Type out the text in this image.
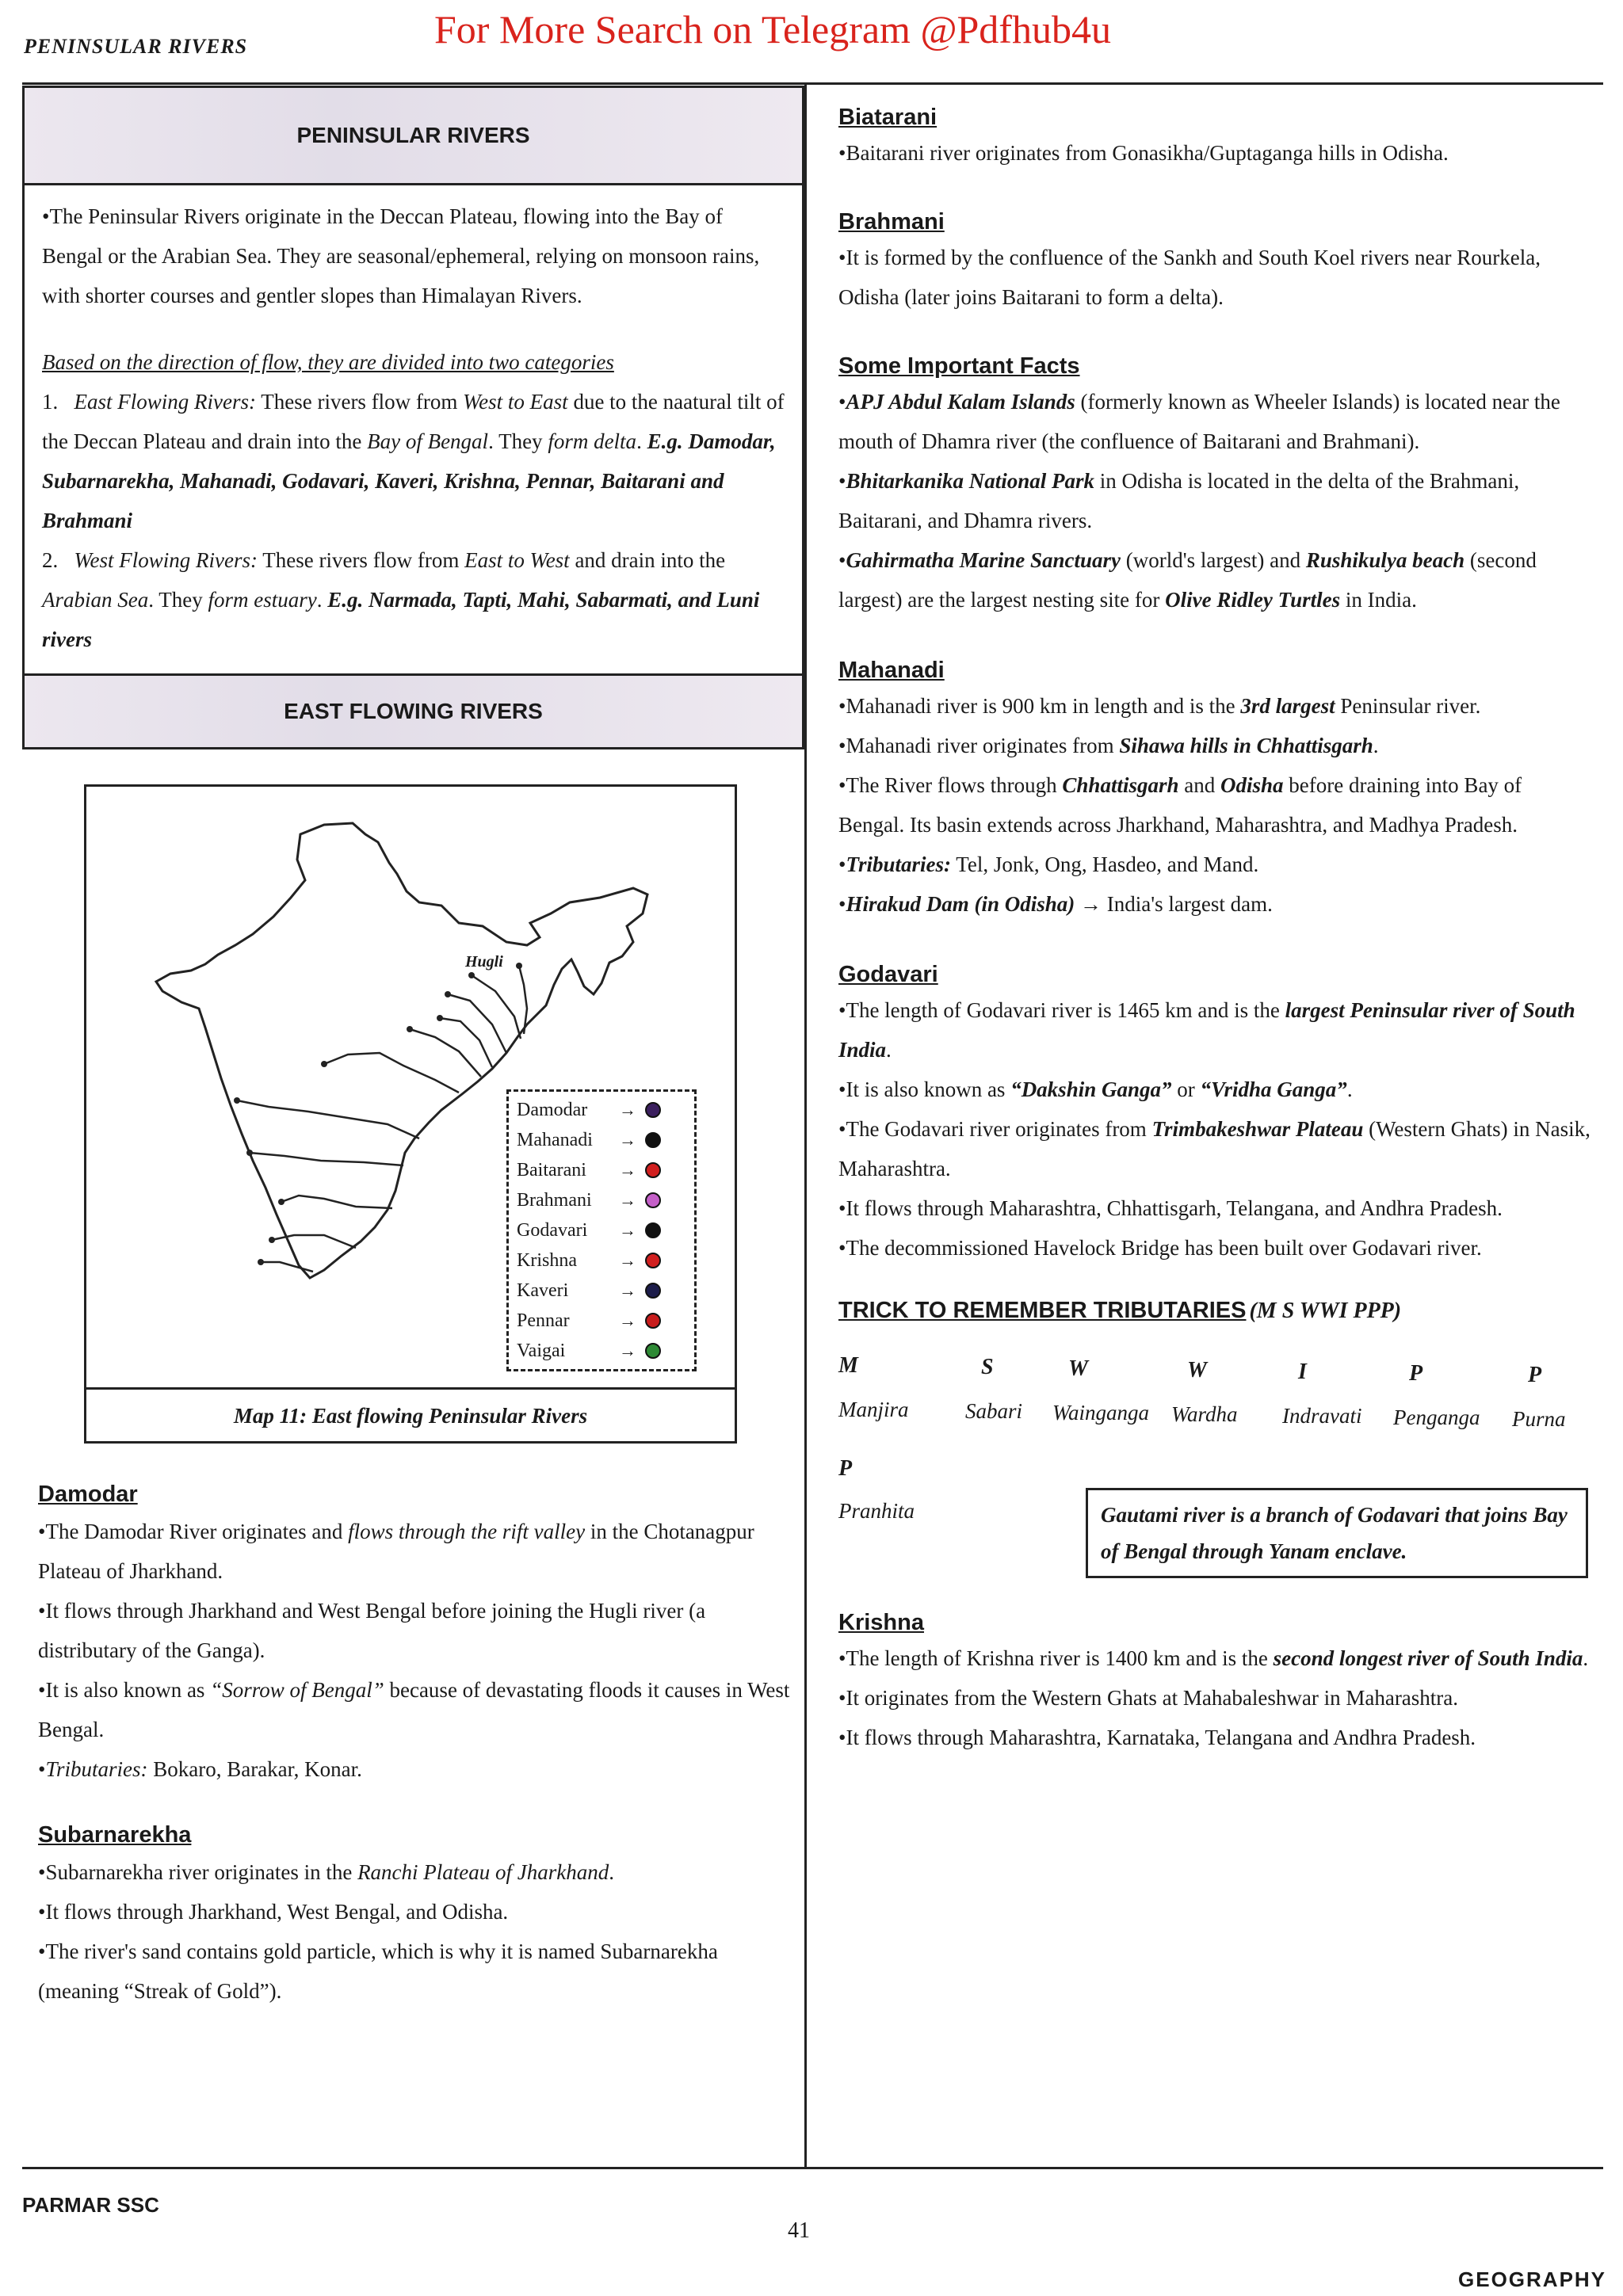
PENINSULAR RIVERS	For More Search on Telegram @Pdfhub4u
PENINSULAR RIVERS

• The Peninsular Rivers originate in the Deccan Plateau, flowing into the Bay of Bengal or the Arabian Sea. They are seasonal/ephemeral, relying on monsoon rains, with shorter courses and gentler slopes than Himalayan Rivers.

Based on the direction of flow, they are divided into two categories

1. East Flowing Rivers: These rivers flow from West to East due to the naatural tilt of the Deccan Plateau and drain into the Bay of Bengal. They form delta. E.g. Damodar, Subarnarekha, Mahanadi, Godavari, Kaveri, Krishna, Pennar, Baitarani and Brahmani

2. West Flowing Rivers: These rivers flow from East to West and drain into the Arabian Sea. They form estuary. E.g. Narmada, Tapti, Mahi, Sabarmati, and Luni rivers

EAST FLOWING RIVERS
Hugli
Damodar	→
Mahanadi	→
Baitarani	→
Brahmani	→
Godavari	→
Krishna	→
Kaveri	→
Pennar	→
Vaigai	→
Map 11: East flowing Peninsular Rivers

Damodar

• The Damodar River originates and flows through the rift valley in the Chotanagpur Plateau of Jharkhand.

• It flows through Jharkhand and West Bengal before joining the Hugli river (a distributary of the Ganga).

• It is also known as “Sorrow of Bengal” because of devastating floods it causes in West Bengal.

• Tributaries: Bokaro, Barakar, Konar.

Subarnarekha

• Subarnarekha river originates in the Ranchi Plateau of Jharkhand.

• It flows through Jharkhand, West Bengal, and Odisha.

• The river's sand contains gold particle, which is why it is named Subarnarekha (meaning “Streak of Gold”).

Biatarani

• Baitarani river originates from Gonasikha/Guptaganga hills in Odisha.

Brahmani

• It is formed by the confluence of the Sankh and South Koel rivers near Rourkela, Odisha (later joins Baitarani to form a delta).

Some Important Facts

• APJ Abdul Kalam Islands (formerly known as Wheeler Islands) is located near the mouth of Dhamra river (the confluence of Baitarani and Brahmani).

• Bhitarkanika National Park in Odisha is located in the delta of the Brahmani, Baitarani, and Dhamra rivers.

• Gahirmatha Marine Sanctuary (world's largest) and Rushikulya beach (second largest) are the largest nesting site for Olive Ridley Turtles in India.

Mahanadi

• Mahanadi river is 900 km in length and is the 3rd largest Peninsular river.

• Mahanadi river originates from Sihawa hills in Chhattisgarh.

• The River flows through Chhattisgarh and Odisha before draining into Bay of Bengal. Its basin extends across Jharkhand, Maharashtra, and Madhya Pradesh.

• Tributaries: Tel, Jonk, Ong, Hasdeo, and Mand.

• Hirakud Dam (in Odisha) → India's largest dam.

Godavari

• The length of Godavari river is 1465 km and is the largest Peninsular river of South India.

• It is also known as “Dakshin Ganga” or “Vridha Ganga”.

• The Godavari river originates from Trimbakeshwar Plateau (Western Ghats) in Nasik, Maharashtra.

• It flows through Maharashtra, Chhattisgarh, Telangana, and Andhra Pradesh.

• The decommissioned Havelock Bridge has been built over Godavari river.

TRICK TO REMEMBER TRIBUTARIES (M S WWI PPP)
M
Manjira
S
Sabari
W
Wainganga
W
Wardha
I
Indravati
P
Penganga
P
Purna
P
Pranhita	Gautami river is a branch of Godavari that joins Bay of Bengal through Yanam enclave.

Krishna

• The length of Krishna river is 1400 km and is the second longest river of South India.

• It originates from the Western Ghats at Mahabaleshwar in Maharashtra.

• It flows through Maharashtra, Karnataka, Telangana and Andhra Pradesh.

PARMAR SSC
41
GEOGRAPHY
